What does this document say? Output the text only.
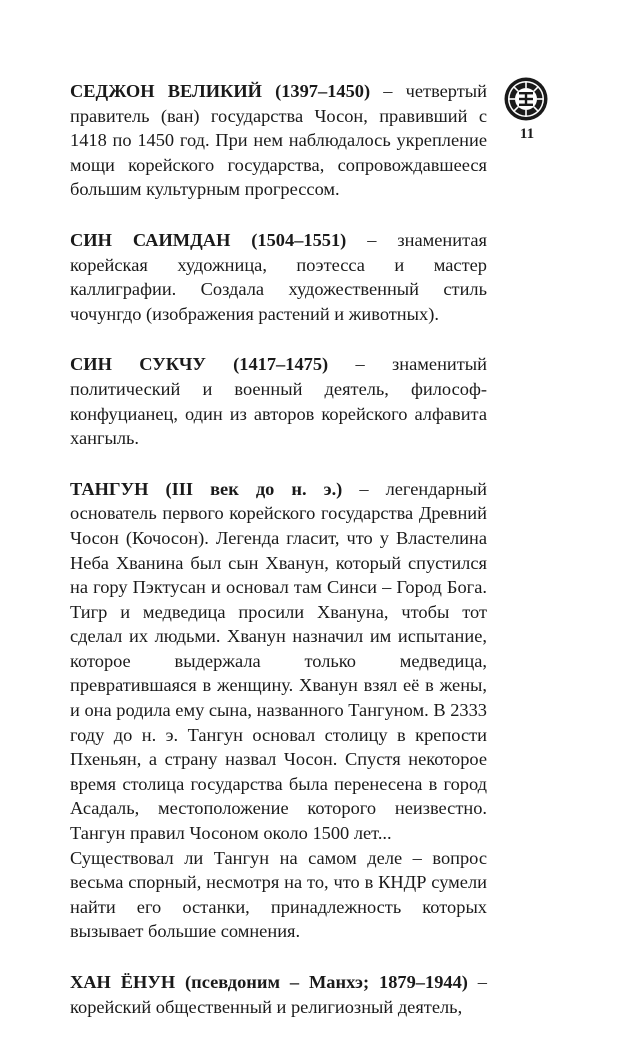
11

СЕДЖОН ВЕЛИКИЙ (1397–1450) – четвертый правитель (ван) государства Чосон, правивший с 1418 по 1450 год. При нем наблюдалось укрепление мощи корейского государства, сопровождавшееся большим культурным прогрессом.

СИН САИМДАН (1504–1551) – знаменитая корейская художница, поэтесса и мастер каллиграфии. Создала художественный стиль чочунгдо (изображения растений и животных).

СИН СУКЧУ (1417–1475) – знаменитый политический и военный деятель, философ-конфуцианец, один из авторов корейского алфавита хангыль.

ТАНГУН (III век до н. э.) – легендарный основатель первого корейского государства Древний Чосон (Кочосон). Легенда гласит, что у Властелина Неба Хванина был сын Хванун, который спустился на гору Пэктусан и основал там Синси – Город Бога. Тигр и медведица просили Хвануна, чтобы тот сделал их людьми. Хванун назначил им испытание, которое выдержала только медведица, превратившаяся в женщину. Хванун взял её в жены, и она родила ему сына, названного Тангуном. В 2333 году до н. э. Тангун основал столицу в крепости Пхеньян, а страну назвал Чосон. Спустя некоторое время столица государства была перенесена в город Асадаль, местоположение которого неизвестно. Тангун правил Чосоном около 1500 лет...

Существовал ли Тангун на самом деле – вопрос весьма спорный, несмотря на то, что в КНДР сумели найти его останки, принадлежность которых вызывает большие сомнения.

ХАН ЁНУН (псевдоним – Манхэ; 1879–1944) – корейский общественный и религиозный деятель,
